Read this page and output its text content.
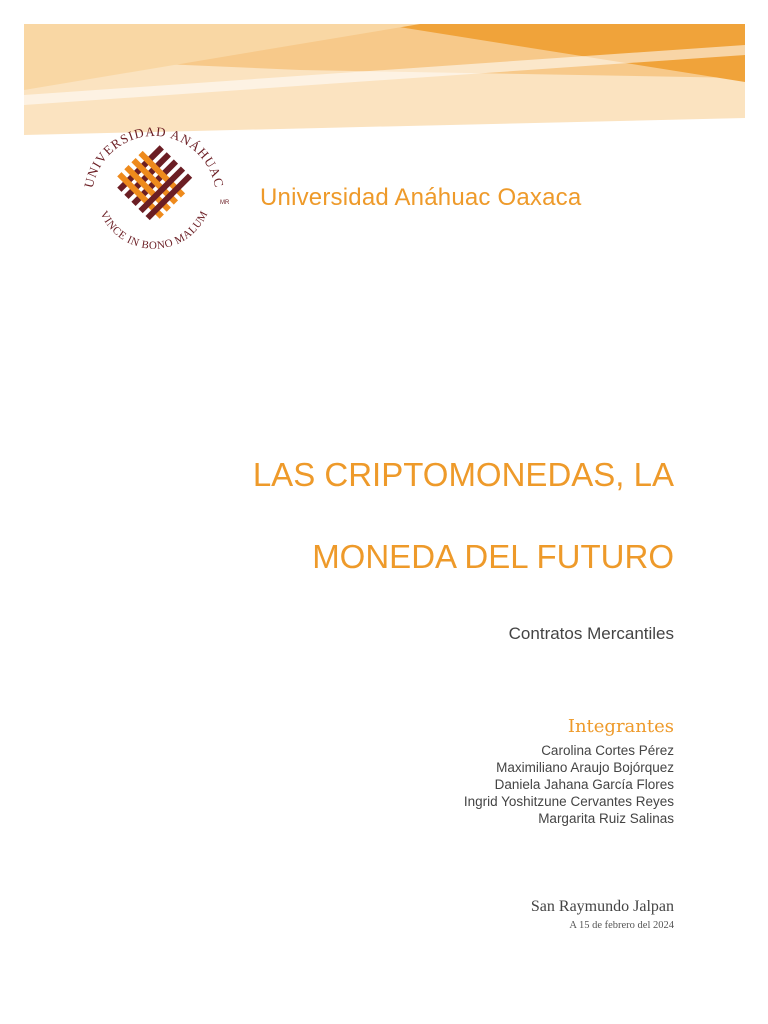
UNIVERSIDAD ANÁHUAC
VINCE IN BONO MALUM
MR Universidad Anáhuac Oaxaca
LAS CRIPTOMONEDAS, LA
MONEDA DEL FUTURO
Contratos Mercantiles
Integrantes
Carolina Cortes Pérez
Maximiliano Araujo Bojórquez
Daniela Jahana García Flores
Ingrid Yoshitzune Cervantes Reyes
Margarita Ruiz Salinas
San Raymundo Jalpan
A 15 de febrero del 2024
